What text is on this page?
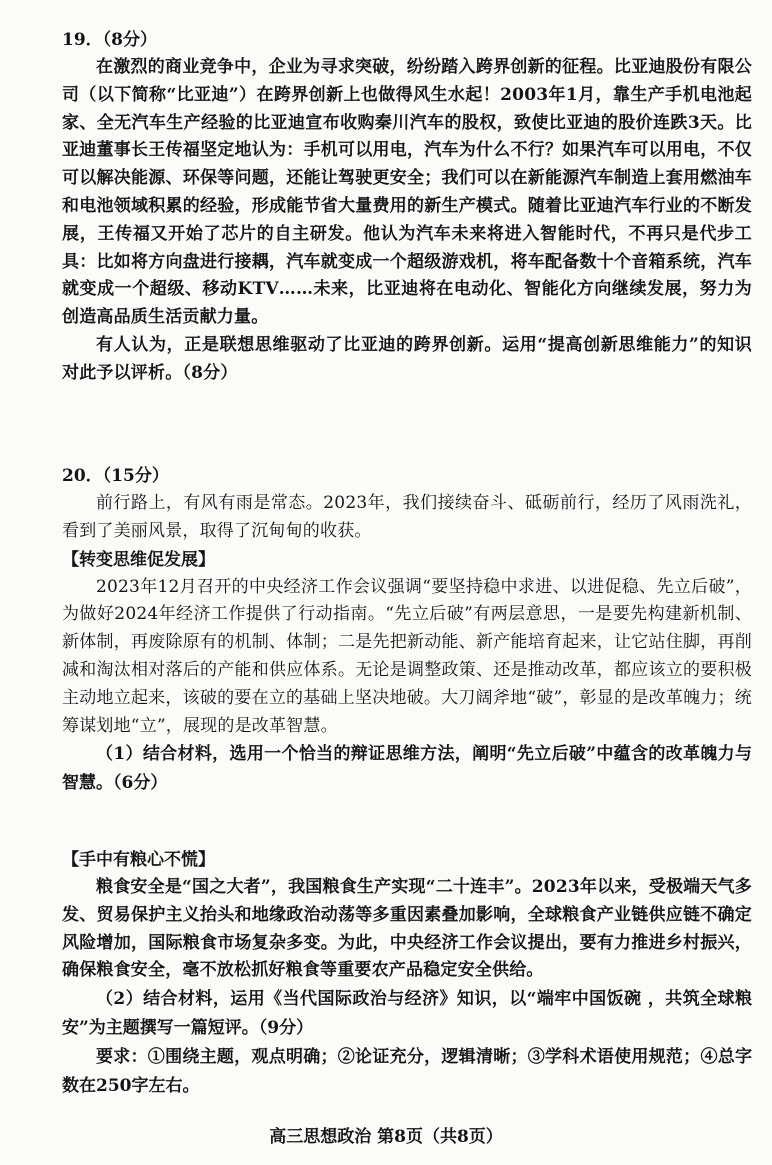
19．（8分）

在激烈的商业竞争中，企业为寻求突破，纷纷踏入跨界创新的征程。比亚迪股份有限公司（以下简称“比亚迪”）在跨界创新上也做得风生水起！2003年1月，靠生产手机电池起家、全无汽车生产经验的比亚迪宣布收购秦川汽车的股权，致使比亚迪的股价连跌3天。比亚迪董事长王传福坚定地认为：手机可以用电，汽车为什么不行？如果汽车可以用电，不仅可以解决能源、环保等问题，还能让驾驶更安全；我们可以在新能源汽车制造上套用燃油车和电池领域积累的经验，形成能节省大量费用的新生产模式。随着比亚迪汽车行业的不断发展，王传福又开始了芯片的自主研发。他认为汽车未来将进入智能时代，不再只是代步工具：比如将方向盘进行接耦，汽车就变成一个超级游戏机，将车配备数十个音箱系统，汽车就变成一个超级、移动KTV……未来，比亚迪将在电动化、智能化方向继续发展，努力为创造高品质生活贡献力量。

有人认为，正是联想思维驱动了比亚迪的跨界创新。运用“提高创新思维能力”的知识对此予以评析。（8分）

20．（15分）

前行路上，有风有雨是常态。2023年，我们接续奋斗、砥砺前行，经历了风雨洗礼，看到了美丽风景，取得了沉甸甸的收获。

【转变思维促发展】

2023年12月召开的中央经济工作会议强调“要坚持稳中求进、以进促稳、先立后破”，为做好2024年经济工作提供了行动指南。“先立后破”有两层意思，一是要先构建新机制、新体制，再废除原有的机制、体制；二是先把新动能、新产能培育起来，让它站住脚，再削减和淘汰相对落后的产能和供应体系。无论是调整政策、还是推动改革，都应该立的要积极主动地立起来，该破的要在立的基础上坚决地破。大刀阔斧地“破”，彰显的是改革魄力；统筹谋划地“立”，展现的是改革智慧。

（1）结合材料，选用一个恰当的辩证思维方法，阐明“先立后破”中蕴含的改革魄力与智慧。（6分）

【手中有粮心不慌】

粮食安全是“国之大者”，我国粮食生产实现“二十连丰”。2023年以来，受极端天气多发、贸易保护主义抬头和地缘政治动荡等多重因素叠加影响，全球粮食产业链供应链不确定风险增加，国际粮食市场复杂多变。为此，中央经济工作会议提出，要有力推进乡村振兴，确保粮食安全，毫不放松抓好粮食等重要农产品稳定安全供给。

（2）结合材料，运用《当代国际政治与经济》知识，以“端牢中国饭碗 ，共筑全球粮安”为主题撰写一篇短评。（9分）

要求：①围绕主题，观点明确；②论证充分，逻辑清晰；③学科术语使用规范；④总字数在250字左右。

高三思想政治 第8页（共8页）
